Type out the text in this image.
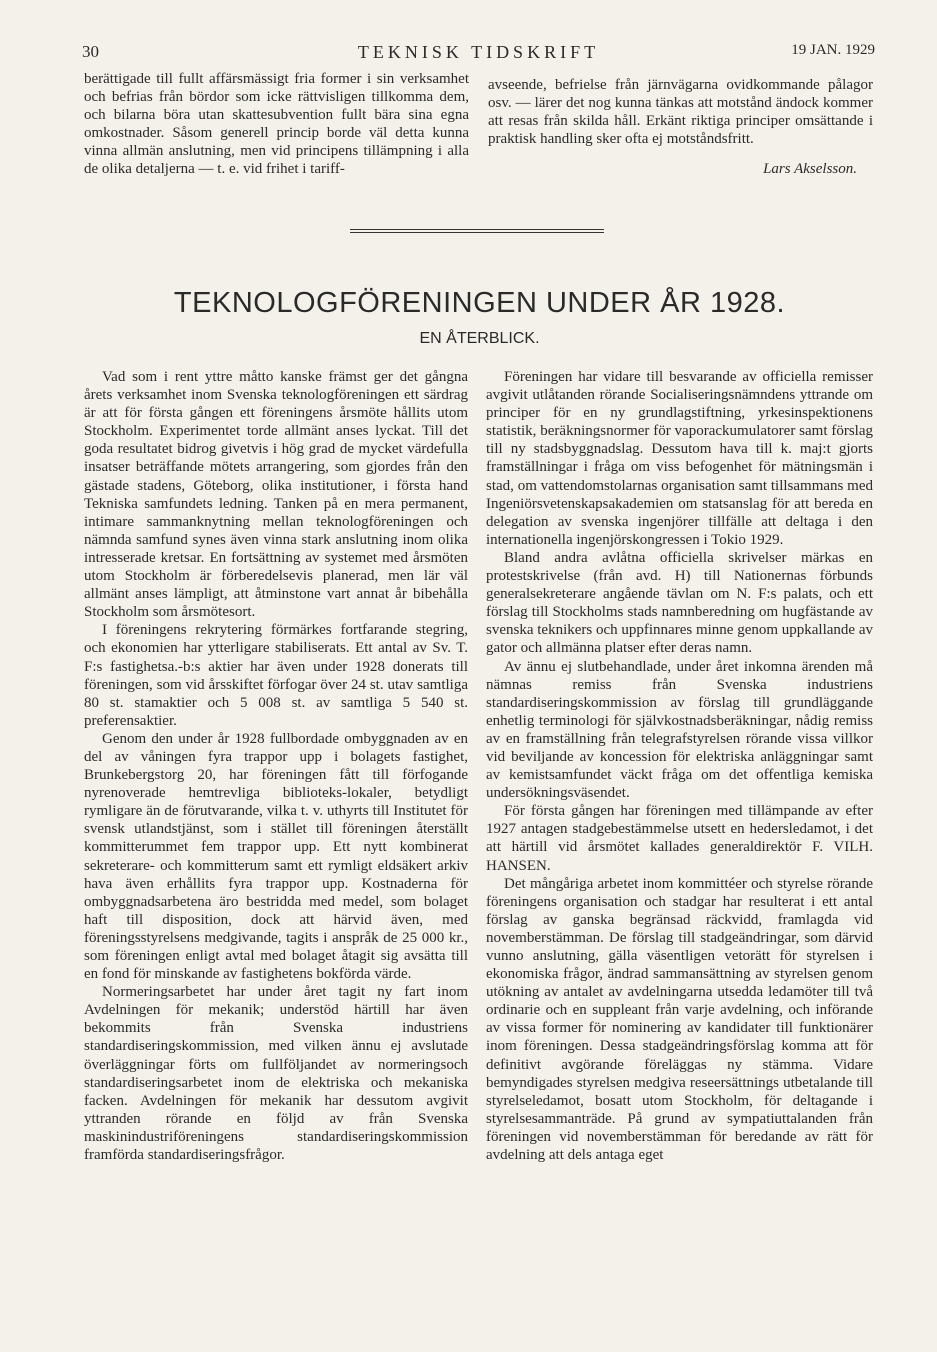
30	TEKNISK TIDSKRIFT	19 JAN. 1929

berättigade till fullt affärsmässigt fria former i sin verksamhet och befrias från bördor som icke rättvisligen tillkomma dem, och bilarna böra utan skattesubvention fullt bära sina egna omkostnader. Såsom generell princip borde väl detta kunna vinna allmän anslutning, men vid principens tillämpning i alla de olika detaljerna — t. e. vid frihet i tariff-

avseende, befrielse från järnvägarna ovidkommande pålagor osv. — lärer det nog kunna tänkas att motstånd ändock kommer att resas från skilda håll. Erkänt riktiga principer omsättande i praktisk handling sker ofta ej motståndsfritt.

Lars Akselsson.
TEKNOLOGFÖRENINGEN UNDER ÅR 1928.
EN ÅTERBLICK.

Vad som i rent yttre måtto kanske främst ger det gångna årets verksamhet inom Svenska teknologföreningen ett särdrag är att för första gången ett föreningens årsmöte hållits utom Stockholm. Experimentet torde allmänt anses lyckat. Till det goda resultatet bidrog givetvis i hög grad de mycket värdefulla insatser beträffande mötets arrangering, som gjordes från den gästade stadens, Göteborg, olika institutioner, i första hand Tekniska samfundets ledning. Tanken på en mera permanent, intimare sammanknytning mellan teknologföreningen och nämnda samfund synes även vinna stark anslutning inom olika intresserade kretsar. En fortsättning av systemet med årsmöten utom Stockholm är förberedelsevis planerad, men lär väl allmänt anses lämpligt, att åtminstone vart annat år bibehålla Stockholm som årsmötesort.

I föreningens rekrytering förmärkes fortfarande stegring, och ekonomien har ytterligare stabiliserats. Ett antal av Sv. T. F:s fastighetsa.-b:s aktier har även under 1928 donerats till föreningen, som vid årsskiftet förfogar över 24 st. utav samtliga 80 st. stamaktier och 5 008 st. av samtliga 5 540 st. preferensaktier.

Genom den under år 1928 fullbordade ombyggnaden av en del av våningen fyra trappor upp i bolagets fastighet, Brunkebergstorg 20, har föreningen fått till förfogande nyrenoverade hemtrevliga biblioteks-lokaler, betydligt rymligare än de förutvarande, vilka t. v. uthyrts till Institutet för svensk utlandstjänst, som i stället till föreningen återställt kommitterummet fem trappor upp. Ett nytt kombinerat sekreterare- och kommitterum samt ett rymligt eldsäkert arkiv hava även erhållits fyra trappor upp. Kostnaderna för ombyggnadsarbetena äro bestridda med medel, som bolaget haft till disposition, dock att härvid även, med föreningsstyrelsens medgivande, tagits i anspråk de 25 000 kr., som föreningen enligt avtal med bolaget åtagit sig avsätta till en fond för minskande av fastighetens bokförda värde.

Normeringsarbetet har under året tagit ny fart inom Avdelningen för mekanik; understöd härtill har även bekommits från Svenska industriens standardiseringskommission, med vilken ännu ej avslutade överläggningar förts om fullföljandet av normeringsoch standardiseringsarbetet inom de elektriska och mekaniska facken. Avdelningen för mekanik har dessutom avgivit yttranden rörande en följd av från Svenska maskinindustriföreningens standardiseringskommission framförda standardiseringsfrågor.

Föreningen har vidare till besvarande av officiella remisser avgivit utlåtanden rörande Socialiseringsnämndens yttrande om principer för en ny grundlagstiftning, yrkesinspektionens statistik, beräkningsnormer för vaporackumulatorer samt förslag till ny stadsbyggnadslag. Dessutom hava till k. maj:t gjorts framställningar i fråga om viss befogenhet för mätningsmän i stad, om vattendomstolarnas organisation samt tillsammans med Ingeniörsvetenskapsakademien om statsanslag för att bereda en delegation av svenska ingenjörer tillfälle att deltaga i den internationella ingenjörskongressen i Tokio 1929.

Bland andra avlåtna officiella skrivelser märkas en protestskrivelse (från avd. H) till Nationernas förbunds generalsekreterare angående tävlan om N. F:s palats, och ett förslag till Stockholms stads namnberedning om hugfästande av svenska teknikers och uppfinnares minne genom uppkallande av gator och allmänna platser efter deras namn.

Av ännu ej slutbehandlade, under året inkomna ärenden må nämnas remiss från Svenska industriens standardiseringskommission av förslag till grundläggande enhetlig terminologi för självkostnadsberäkningar, nådig remiss av en framställning från telegrafstyrelsen rörande vissa villkor vid beviljande av koncession för elektriska anläggningar samt av kemistsamfundet väckt fråga om det offentliga kemiska undersökningsväsendet.

För första gången har föreningen med tillämpande av efter 1927 antagen stadgebestämmelse utsett en hedersledamot, i det att härtill vid årsmötet kallades generaldirektör F. VILH. HANSEN.

Det mångåriga arbetet inom kommittéer och styrelse rörande föreningens organisation och stadgar har resulterat i ett antal förslag av ganska begränsad räckvidd, framlagda vid novemberstämman. De förslag till stadgeändringar, som därvid vunno anslutning, gälla väsentligen vetorätt för styrelsen i ekonomiska frågor, ändrad sammansättning av styrelsen genom utökning av antalet av avdelningarna utsedda ledamöter till två ordinarie och en suppleant från varje avdelning, och införande av vissa former för nominering av kandidater till funktionärer inom föreningen. Dessa stadgeändringsförslag komma att för definitivt avgörande föreläggas ny stämma. Vidare bemyndigades styrelsen medgiva reseersättnings utbetalande till styrelseledamot, bosatt utom Stockholm, för deltagande i styrelsesammanträde. På grund av sympatiuttalanden från föreningen vid novemberstämman för beredande av rätt för avdelning att dels antaga eget
